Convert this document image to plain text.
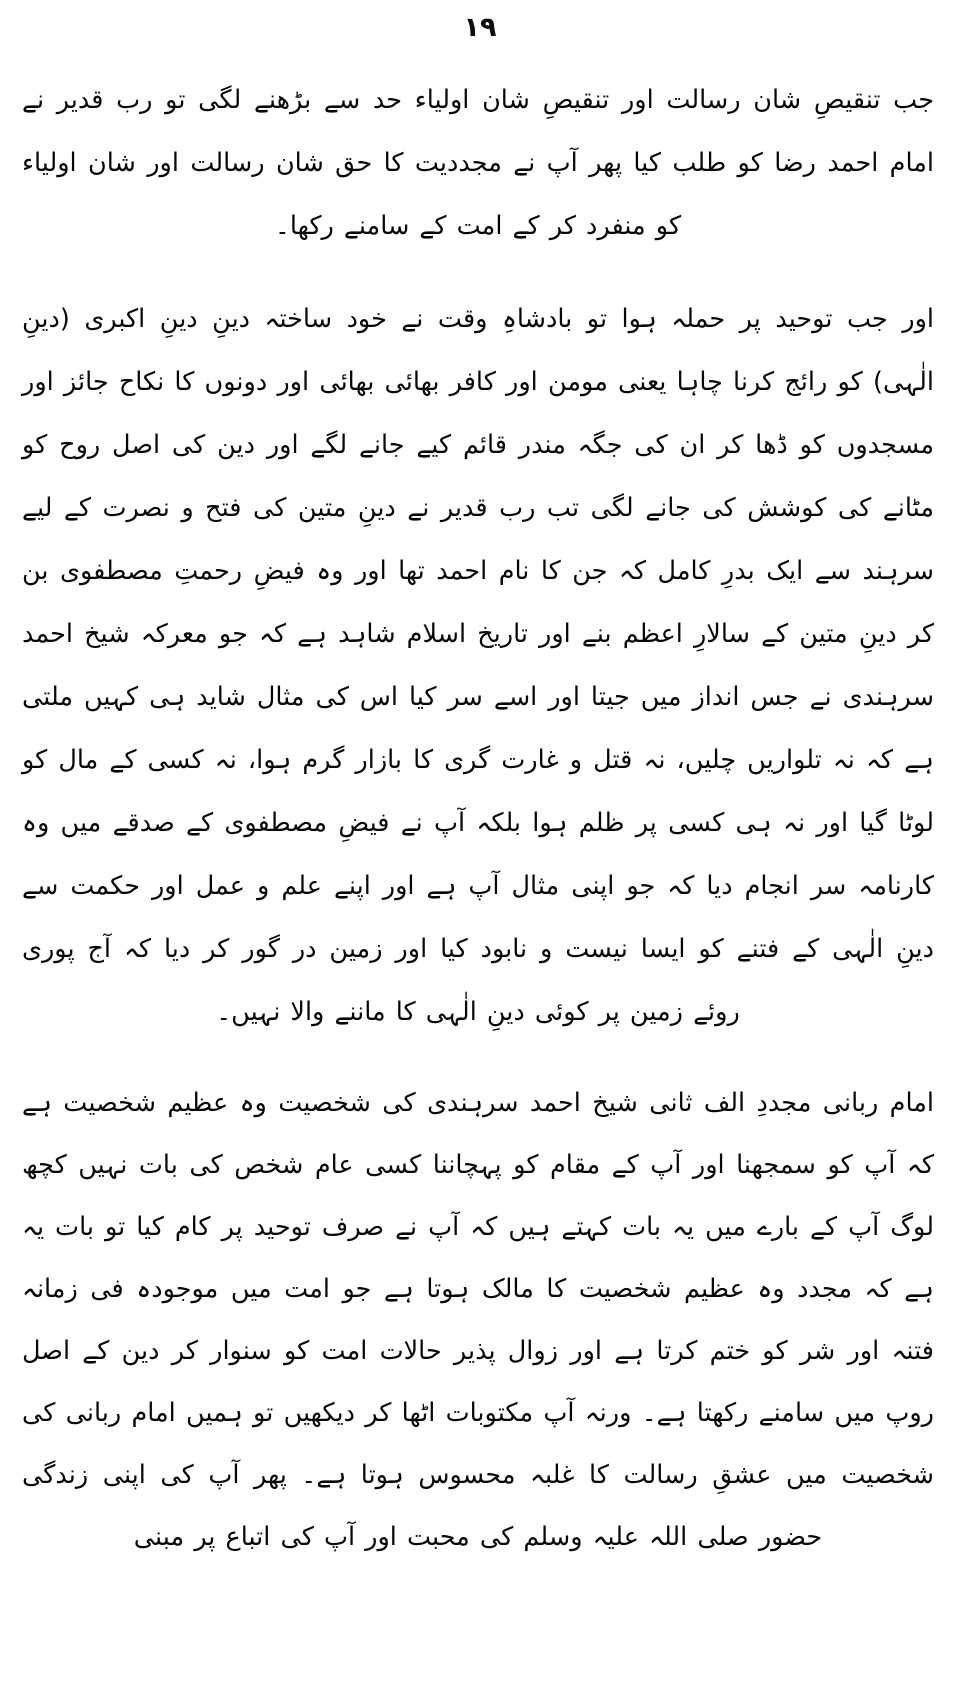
۱۹

جب تنقیصِ شان رسالت اور تنقیصِ شان اولیاء حد سے بڑھنے لگی تو رب قدیر نے امام احمد رضا کو طلب کیا پھر آپ نے مجددیت کا حق شان رسالت اور شان اولیاء کو منفرد کر کے امت کے سامنے رکھا۔

اور جب توحید پر حملہ ہوا تو بادشاہِ وقت نے خود ساختہ دینِ دینِ اکبری (دینِ الٰہی) کو رائج کرنا چاہا یعنی مومن اور کافر بھائی بھائی اور دونوں کا نکاح جائز اور مسجدوں کو ڈھا کر ان کی جگہ مندر قائم کیے جانے لگے اور دین کی اصل روح کو مٹانے کی کوشش کی جانے لگی تب رب قدیر نے دینِ متین کی فتح و نصرت کے لیے سرہند سے ایک بدرِ کامل کہ جن کا نام احمد تھا اور وہ فیضِ رحمتِ مصطفوی بن کر دینِ متین کے سالارِ اعظم بنے اور تاریخ اسلام شاہد ہے کہ جو معرکہ شیخ احمد سرہندی نے جس انداز میں جیتا اور اسے سر کیا اس کی مثال شاید ہی کہیں ملتی ہے کہ نہ تلواریں چلیں، نہ قتل و غارت گری کا بازار گرم ہوا، نہ کسی کے مال کو لوٹا گیا اور نہ ہی کسی پر ظلم ہوا بلکہ آپ نے فیضِ مصطفوی کے صدقے میں وہ کارنامہ سر انجام دیا کہ جو اپنی مثال آپ ہے اور اپنے علم و عمل اور حکمت سے دینِ الٰہی کے فتنے کو ایسا نیست و نابود کیا اور زمین در گور کر دیا کہ آج پوری روئے زمین پر کوئی دینِ الٰہی کا ماننے والا نہیں۔

امام ربانی مجددِ الف ثانی شیخ احمد سرہندی کی شخصیت وہ عظیم شخصیت ہے کہ آپ کو سمجھنا اور آپ کے مقام کو پہچاننا کسی عام شخص کی بات نہیں کچھ لوگ آپ کے بارے میں یہ بات کہتے ہیں کہ آپ نے صرف توحید پر کام کیا تو بات یہ ہے کہ مجدد وہ عظیم شخصیت کا مالک ہوتا ہے جو امت میں موجودہ فی زمانہ فتنہ اور شر کو ختم کرتا ہے اور زوال پذیر حالات امت کو سنوار کر دین کے اصل روپ میں سامنے رکھتا ہے۔ ورنہ آپ مکتوبات اٹھا کر دیکھیں تو ہمیں امام ربانی کی شخصیت میں عشقِ رسالت کا غلبہ محسوس ہوتا ہے۔ پھر آپ کی اپنی زندگی حضور صلی اللہ علیہ وسلم کی محبت اور آپ کی اتباع پر مبنی
